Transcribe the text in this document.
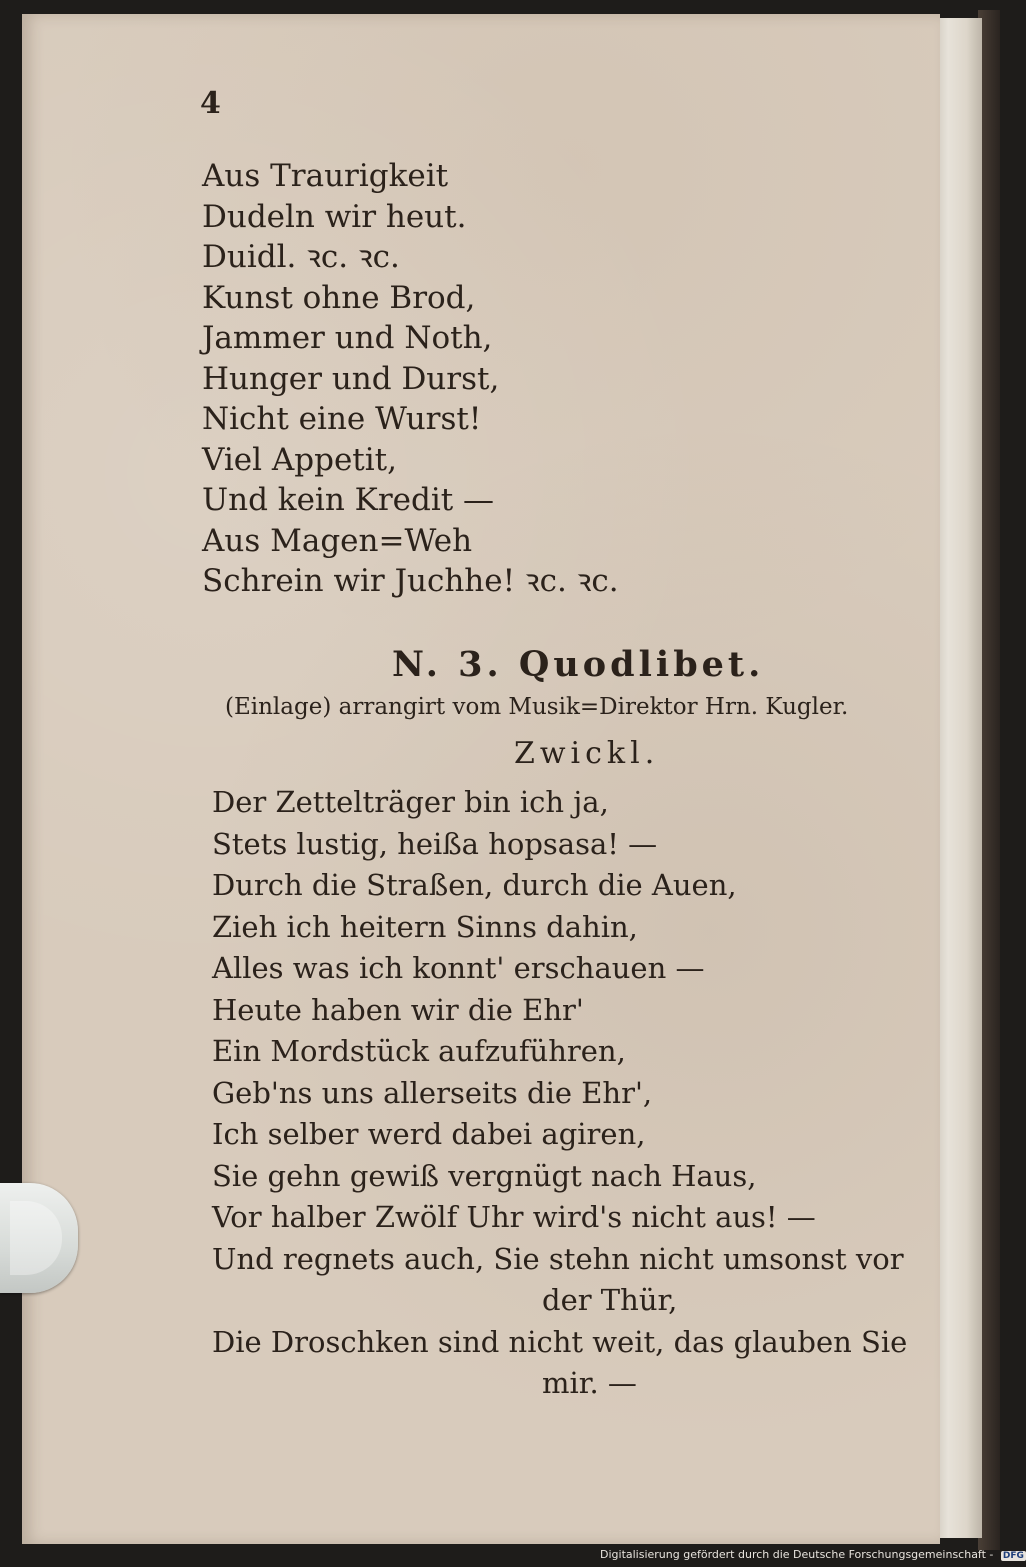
4
Aus Traurigkeit
Dudeln wir heut.
Duidl. ꝛc. ꝛc.
Kunst ohne Brod,
Jammer und Noth,
Hunger und Durst,
Nicht eine Wurst!
Viel Appetit,
Und kein Kredit —
Aus Magen=Weh
Schrein wir Juchhe! ꝛc. ꝛc.
N. 3. Quodlibet.
(Einlage) arrangirt vom Musik=Direktor Hrn. Kugler.
Zwickl.
Der Zettelträger bin ich ja,
Stets lustig, heißa hopsasa! —
Durch die Straßen, durch die Auen,
Zieh ich heitern Sinns dahin,
Alles was ich konnt' erschauen —
Heute haben wir die Ehr'
Ein Mordstück aufzuführen,
Geb'ns uns allerseits die Ehr',
Ich selber werd dabei agiren,
Sie gehn gewiß vergnügt nach Haus,
Vor halber Zwölf Uhr wird's nicht aus! —
Und regnets auch, Sie stehn nicht umsonst vor
der Thür,
Die Droschken sind nicht weit, das glauben Sie
mir. —
Digitalisierung gefördert durch die Deutsche Forschungsgemeinschaft - DFG
